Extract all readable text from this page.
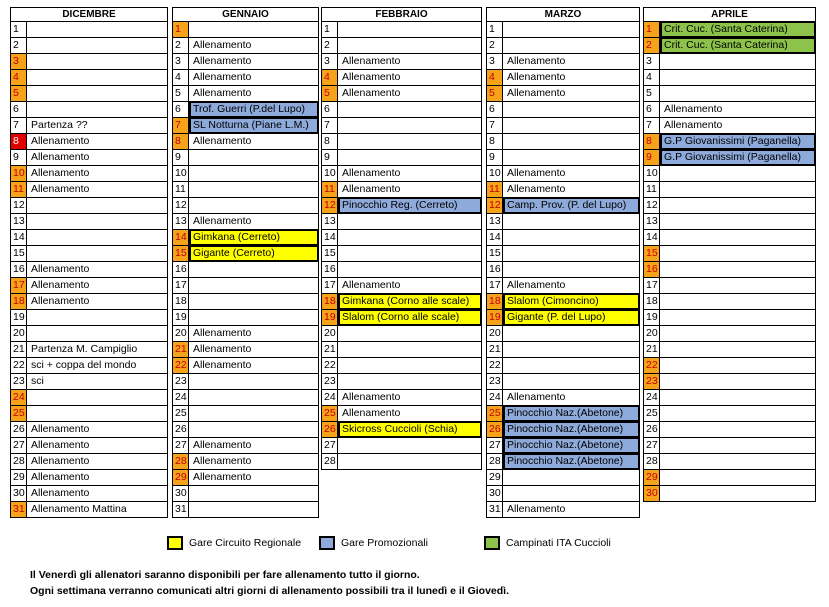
DICEMBRE
1
2
3
4
5
6
7	Partenza ??
8	Allenamento
9	Allenamento
10 Allenamento
11 Allenamento
12
13
14
15
16 Allenamento
17 Allenamento
18 Allenamento
19
20
21 Partenza M. Campiglio
22 sci + coppa del mondo
23 sci
24
25
26 Allenamento
27 Allenamento
28 Allenamento
29 Allenamento
30 Allenamento
31 Allenamento Mattina
GENNAIO
1
2	Allenamento
3	Allenamento
4	Allenamento
5	Allenamento
6	Trof. Guerri (P.del Lupo)
7	SL Notturna (Piane L.M.)
8	Allenamento
9
10
11
12
13 Allenamento
14 Gimkana (Cerreto)
15 Gigante (Cerreto)
16
17
18
19
20 Allenamento
21 Allenamento
22 Allenamento
23
24
25
26
27 Allenamento
28 Allenamento
29 Allenamento
30
31
FEBBRAIO
1
2
3	Allenamento
4	Allenamento
5	Allenamento
6
7
8
9
10 Allenamento
11 Allenamento
12 Pinocchio Reg. (Cerreto)
13
14
15
16
17 Allenamento
18 Gimkana (Corno alle scale)
19 Slalom (Corno alle scale)
20
21
22
23
24 Allenamento
25 Allenamento
26 Skicross Cuccioli (Schia)
27
28
MARZO
1
2
3	Allenamento
4	Allenamento
5	Allenamento
6
7
8
9
10 Allenamento
11 Allenamento
12 Camp. Prov. (P. del Lupo)
13
14
15
16
17 Allenamento
18 Slalom (Cimoncino)
19 Gigante (P. del Lupo)
20
21
22
23
24 Allenamento
25 Pinocchio Naz.(Abetone)
26 Pinocchio Naz.(Abetone)
27 Pinocchio Naz.(Abetone)
28 Pinocchio Naz.(Abetone)
29
30
31 Allenamento
APRILE
1	Crit. Cuc. (Santa Caterina)
2	Crit. Cuc. (Santa Caterina)
3
4
5
6	Allenamento
7	Allenamento
8	G.P Giovanissimi (Paganella)
9	G.P Giovanissimi (Paganella)
10
11
12
13
14
15
16
17
18
19
20
21
22
23
24
25
26
27
28
29
30
Gare Circuito Regionale	Gare Promozionali	Campinati ITA Cuccioli
Il Venerdì gli allenatori saranno disponibili per fare allenamento tutto il giorno.
Ogni settimana verranno comunicati altri giorni di allenamento possibili tra il lunedì e il Giovedì.
